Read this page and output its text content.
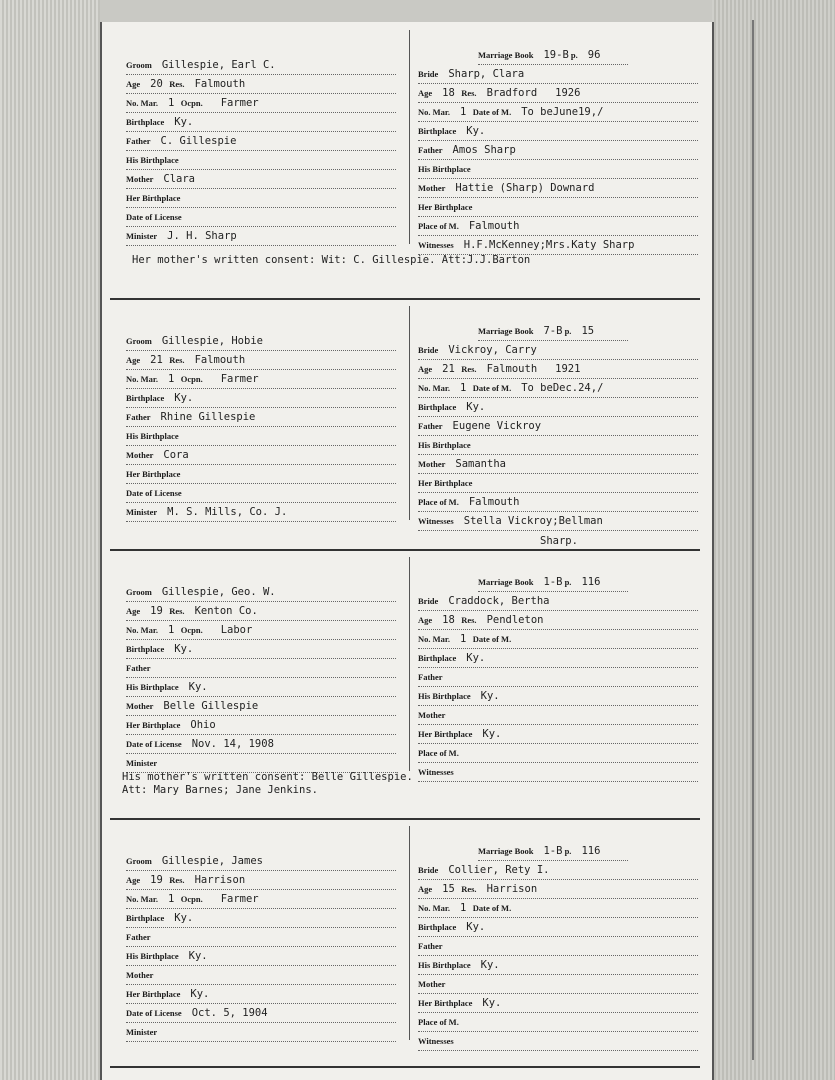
Groom Gillespie, Earl C.
Age 20 Res. Falmouth
No. Mar. 1 Ocpn. Farmer
Birthplace Ky.
Father C. Gillespie
His Birthplace
Mother Clara
Her Birthplace
Date of License
Minister J. H. Sharp
Marriage Book 19-B p. 96
Bride Sharp, Clara
Age 18 Res. Bradford 1926
No. Mar. 1 Date of M. To beJune19,/
Birthplace Ky.
Father Amos Sharp
His Birthplace
Mother Hattie (Sharp) Downard
Her Birthplace
Place of M. Falmouth
Witnesses H.F.McKenney;Mrs.Katy Sharp
Her mother's written consent: Wit: C. Gillespie. Att:J.J.Barton
Groom Gillespie, Hobie
Age 21 Res. Falmouth
No. Mar. 1 Ocpn. Farmer
Birthplace Ky.
Father Rhine Gillespie
His Birthplace
Mother Cora
Her Birthplace
Date of License
Minister M. S. Mills, Co. J.
Marriage Book 7-B p. 15
Bride Vickroy, Carry
Age 21 Res. Falmouth 1921
No. Mar. 1 Date of M. To beDec.24,/
Birthplace Ky.
Father Eugene Vickroy
His Birthplace
Mother Samantha
Her Birthplace
Place of M. Falmouth
Witnesses Stella Vickroy;Bellman
Sharp.
Groom Gillespie, Geo. W.
Age 19 Res. Kenton Co.
No. Mar. 1 Ocpn. Labor
Birthplace Ky.
Father
His Birthplace Ky.
Mother Belle Gillespie
Her Birthplace Ohio
Date of License Nov. 14, 1908
Minister
Marriage Book 1-B p. 116
Bride Craddock, Bertha
Age 18 Res. Pendleton
No. Mar. 1 Date of M.
Birthplace Ky.
Father
His Birthplace Ky.
Mother
Her Birthplace Ky.
Place of M.
Witnesses
His mother's written consent: Belle Gillespie.
Att: Mary Barnes; Jane Jenkins.
Groom Gillespie, James
Age 19 Res. Harrison
No. Mar. 1 Ocpn. Farmer
Birthplace Ky.
Father
His Birthplace Ky.
Mother
Her Birthplace Ky.
Date of License Oct. 5, 1904
Minister
Marriage Book 1-B p. 116
Bride Collier, Rety I.
Age 15 Res. Harrison
No. Mar. 1 Date of M.
Birthplace Ky.
Father
His Birthplace Ky.
Mother
Her Birthplace Ky.
Place of M.
Witnesses
